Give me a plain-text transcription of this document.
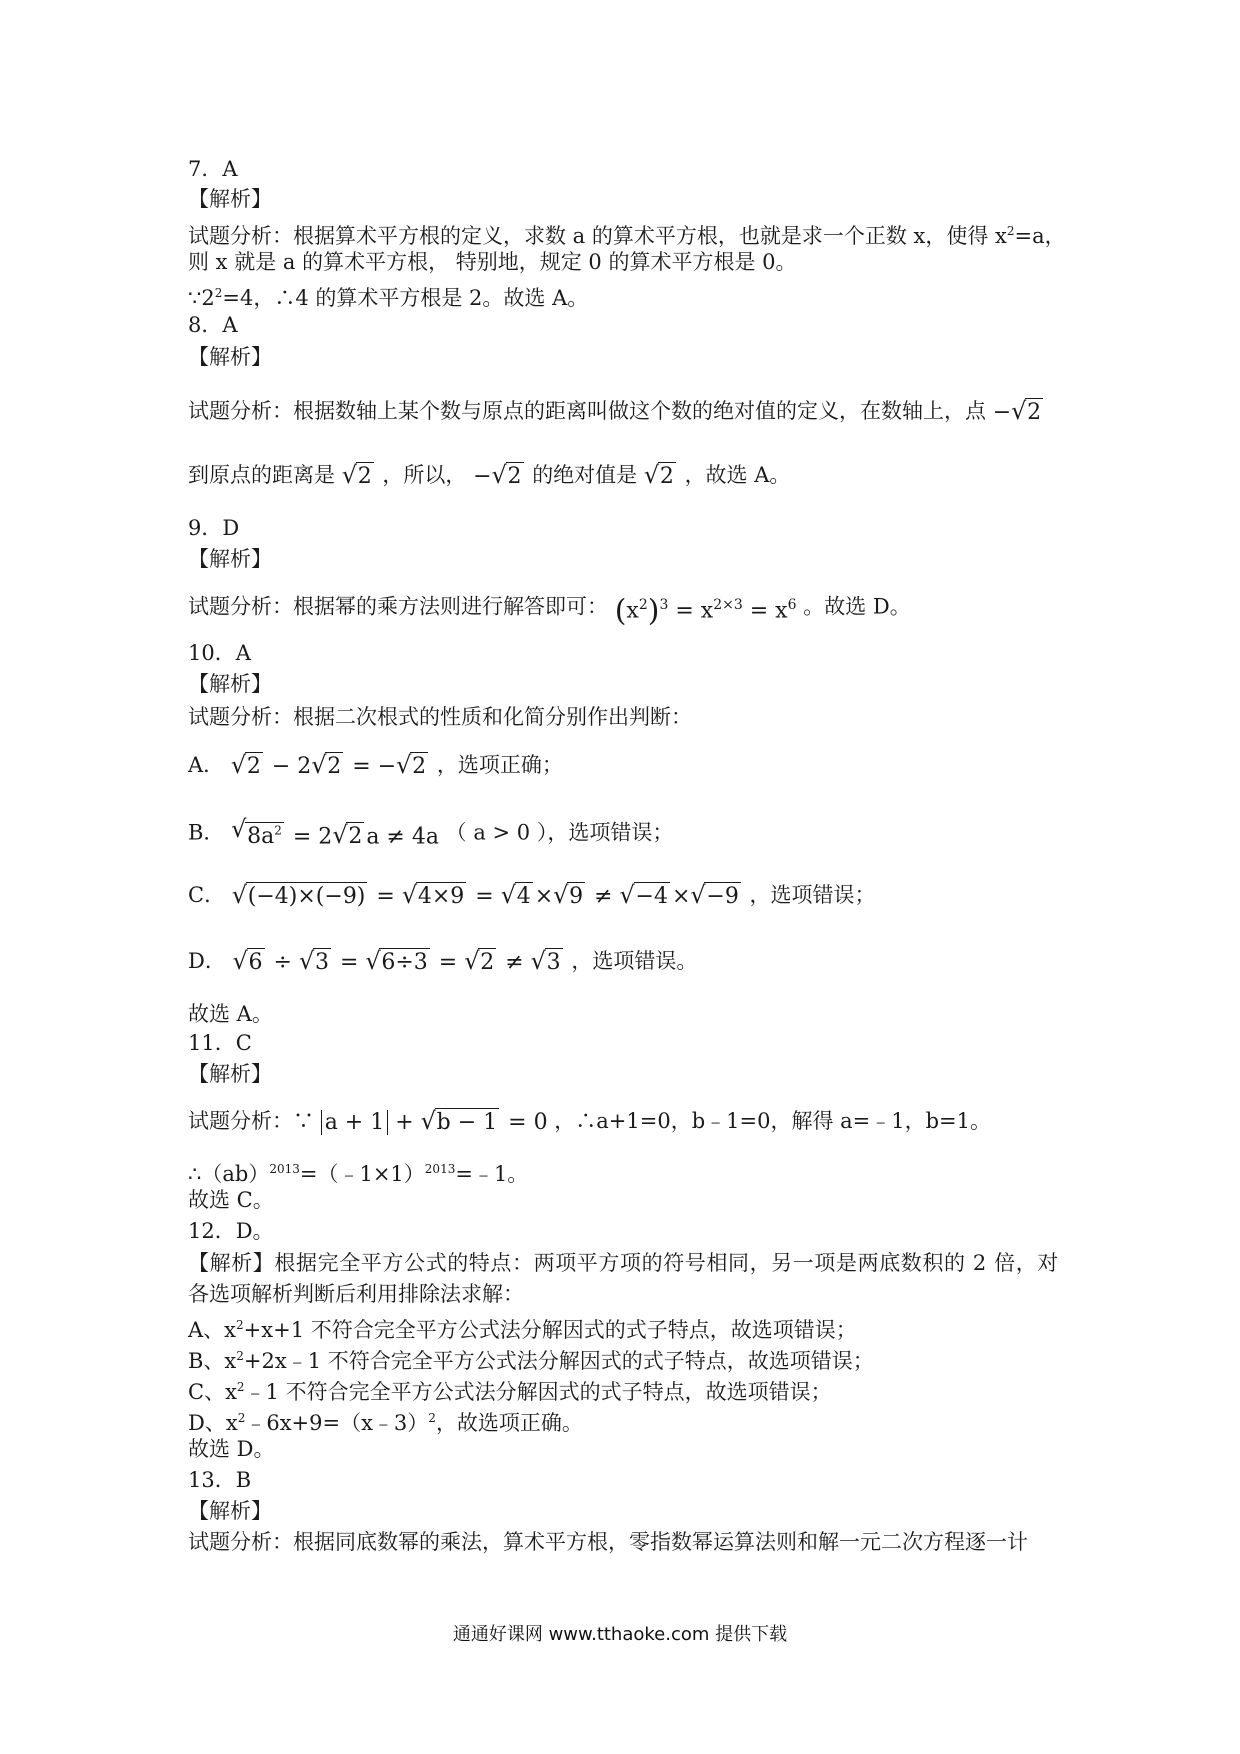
7．A
【解析】
试题分析：根据算术平方根的定义，求数 a 的算术平方根，也就是求一个正数 x，使得 $x^2=a$，
则 x 就是 a 的算术平方根， 特别地，规定 0 的算术平方根是 0。
$\because 2^2=4$，∴4 的算术平方根是 2。故选 A。
8．A
【解析】
试题分析：根据数轴上某个数与原点的距离叫做这个数的绝对值的定义，在数轴上，点 − √ 2
到原点的距离是 √ 2 ，所以， − √ 2 的绝对值是 √ 2 ，故选 A。
9．D
【解析】
试题分析：根据幂的乘方法则进行解答即可： $(x^2)^3 = x^{2\times 3} = x^6$ 。故选 D。
10．A
【解析】
试题分析：根据二次根式的性质和化简分别作出判断：
A． √ 2 − 2 √ 2 = − √ 2 ，选项正确；
B． √ $8a^2 = 2$ √ 2 a ≠ 4a （ a > 0 ），选项错误；
C． √ (−4)×(−9) = √ 4×9 = √ 4 × √ 9 ≠ √ −4 × √ −9 ，选项错误；
D． √ 6 ÷ √ 3 = √ 6÷3 = √ 2 ≠ √ 3 ，选项错误。
故选 A。
11．C
【解析】
试题分析：∵ a + 1 + √ b − 1 = 0 ，∴a+1=0，b﹣1=0，解得 a=﹣1，b=1。
∴（ab）$^{2013}$=（﹣1×1）$^{2013}$=﹣1。
故选 C。
12．D。
【解析】根据完全平方公式的特点：两项平方项的符号相同，另一项是两底数积的 2 倍，对
各选项解析判断后利用排除法求解：
A、$x^2+x+1$ 不符合完全平方公式法分解因式的式子特点，故选项错误；
B、$x^2+2x﹣1$ 不符合完全平方公式法分解因式的式子特点，故选项错误；
C、$x^2﹣1$ 不符合完全平方公式法分解因式的式子特点，故选项错误；
D、$x^2﹣6x+9=(x﹣3)^2$，故选项正确。
故选 D。
13．B
【解析】
试题分析：根据同底数幂的乘法，算术平方根，零指数幂运算法则和解一元二次方程逐一计
通通好课网 www.tthaoke.com 提供下载
